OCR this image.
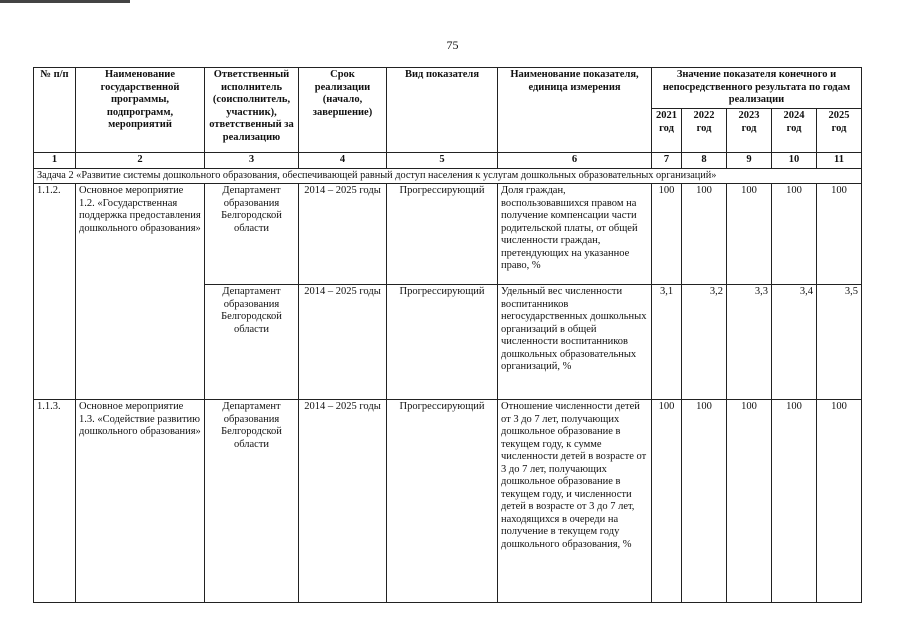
75
№ п/п	Наименование государственной программы, подпрограмм, мероприятий	Ответственный исполнитель (соисполнитель, участник), ответственный за реализацию	Срок реализации (начало, завершение)	Вид показателя	Наименование показателя, единица измерения	Значение показателя конечного и непосредственного результата по годам реализации				
						2021 год	2022 год	2023 год	2024 год	2025 год
1	2	3	4	5	6	7	8	9	10	11
Задача 2 «Развитие системы дошкольного образования, обеспечивающей равный доступ населения к услугам дошкольных образовательных организаций»										
1.1.2.	Основное мероприятие 1.2. «Государственная поддержка предоставления дошкольного образования»	Департамент образования Белгородской области	2014 – 2025 годы	Прогрессирующий	Доля граждан, воспользовавшихся правом на получение компенсации части родительской платы, от общей численности граждан, претендующих на указанное право, %	100	100	100	100	100
		Департамент образования Белгородской области	2014 – 2025 годы	Прогрессирующий	Удельный вес численности воспитанников негосударственных дошкольных организаций в общей численности воспитанников дошкольных образовательных организаций, %	3,1	3,2	3,3	3,4	3,5
1.1.3.	Основное мероприятие 1.3. «Содействие развитию дошкольного образования»	Департамент образования Белгородской области	2014 – 2025 годы	Прогрессирующий	Отношение численности детей от 3 до 7 лет, получающих дошкольное образование в текущем году, к сумме численности детей в возрасте от 3 до 7 лет, получающих дошкольное образование в текущем году, и численности детей в возрасте от 3 до 7 лет, находящихся в очереди на получение в текущем году дошкольного образования, %	100	100	100	100	100
